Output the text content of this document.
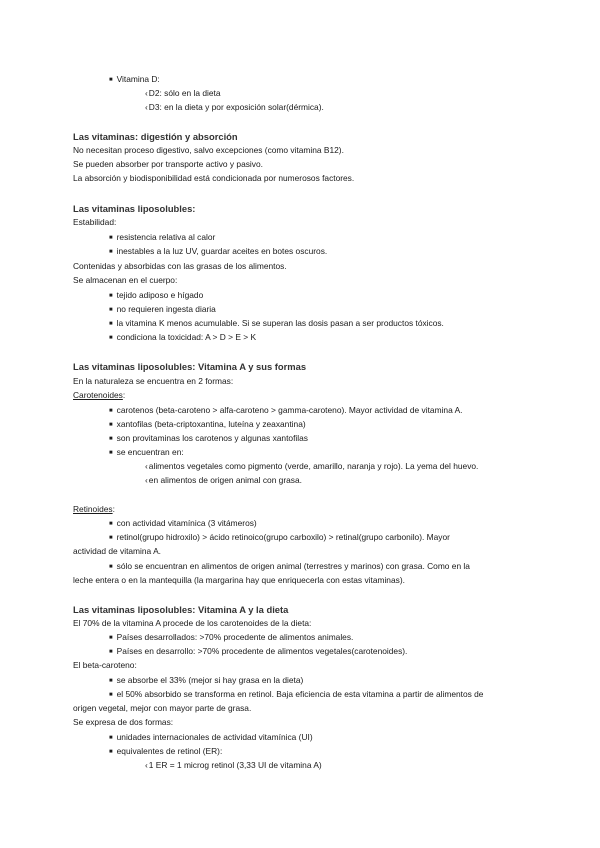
■ Vitamina D:
‹ D2: sólo en la dieta
‹ D3: en la dieta y por exposición solar(dérmica).
Las vitaminas: digestión y absorción
No necesitan proceso digestivo, salvo excepciones (como vitamina B12).
Se pueden absorber por transporte activo y pasivo.
La absorción y biodisponibilidad está condicionada por numerosos factores.
Las vitaminas liposolubles:
Estabilidad:
■ resistencia relativa al calor
■ inestables a la luz UV, guardar aceites en botes oscuros.
Contenidas y absorbidas con las grasas de los alimentos.
Se almacenan en el cuerpo:
■ tejido adiposo e hígado
■ no requieren ingesta diaria
■ la vitamina K menos acumulable. Si se superan las dosis pasan a ser productos tóxicos.
■ condiciona la toxicidad: A > D > E > K
Las vitaminas liposolubles: Vitamina A y sus formas
En la naturaleza se encuentra en 2 formas:
Carotenoides:
■ carotenos (beta-caroteno > alfa-caroteno > gamma-caroteno). Mayor actividad de vitamina A.
■ xantofilas (beta-criptoxantina, luteína y zeaxantina)
■ son provitaminas los carotenos y algunas xantofilas
■ se encuentran en:
‹ alimentos vegetales como pigmento (verde, amarillo, naranja y rojo). La yema del huevo.
‹ en alimentos de origen animal con grasa.
Retinoides:
■ con actividad vitamínica (3 vitámeros)
■ retinol(grupo hidroxilo) > ácido retinoico(grupo carboxilo) > retinal(grupo carbonilo). Mayor
actividad de vitamina A.
■ sólo se encuentran en alimentos de origen animal (terrestres y marinos) con grasa. Como en la
leche entera o en la mantequilla (la margarina hay que enriquecerla con estas vitaminas).
Las vitaminas liposolubles: Vitamina A y la dieta
El 70% de la vitamina A procede de los carotenoides de la dieta:
■ Países desarrollados: >70% procedente de alimentos animales.
■ Países en desarrollo: >70% procedente de alimentos vegetales(carotenoides).
El beta-caroteno:
■ se absorbe el 33% (mejor si hay grasa en la dieta)
■ el 50% absorbido se transforma en retinol. Baja eficiencia de esta vitamina a partir de alimentos de
origen vegetal, mejor con mayor parte de grasa.
Se expresa de dos formas:
■ unidades internacionales de actividad vitamínica (UI)
■ equivalentes de retinol (ER):
‹ 1 ER = 1 microg retinol (3,33 UI de vitamina A)
